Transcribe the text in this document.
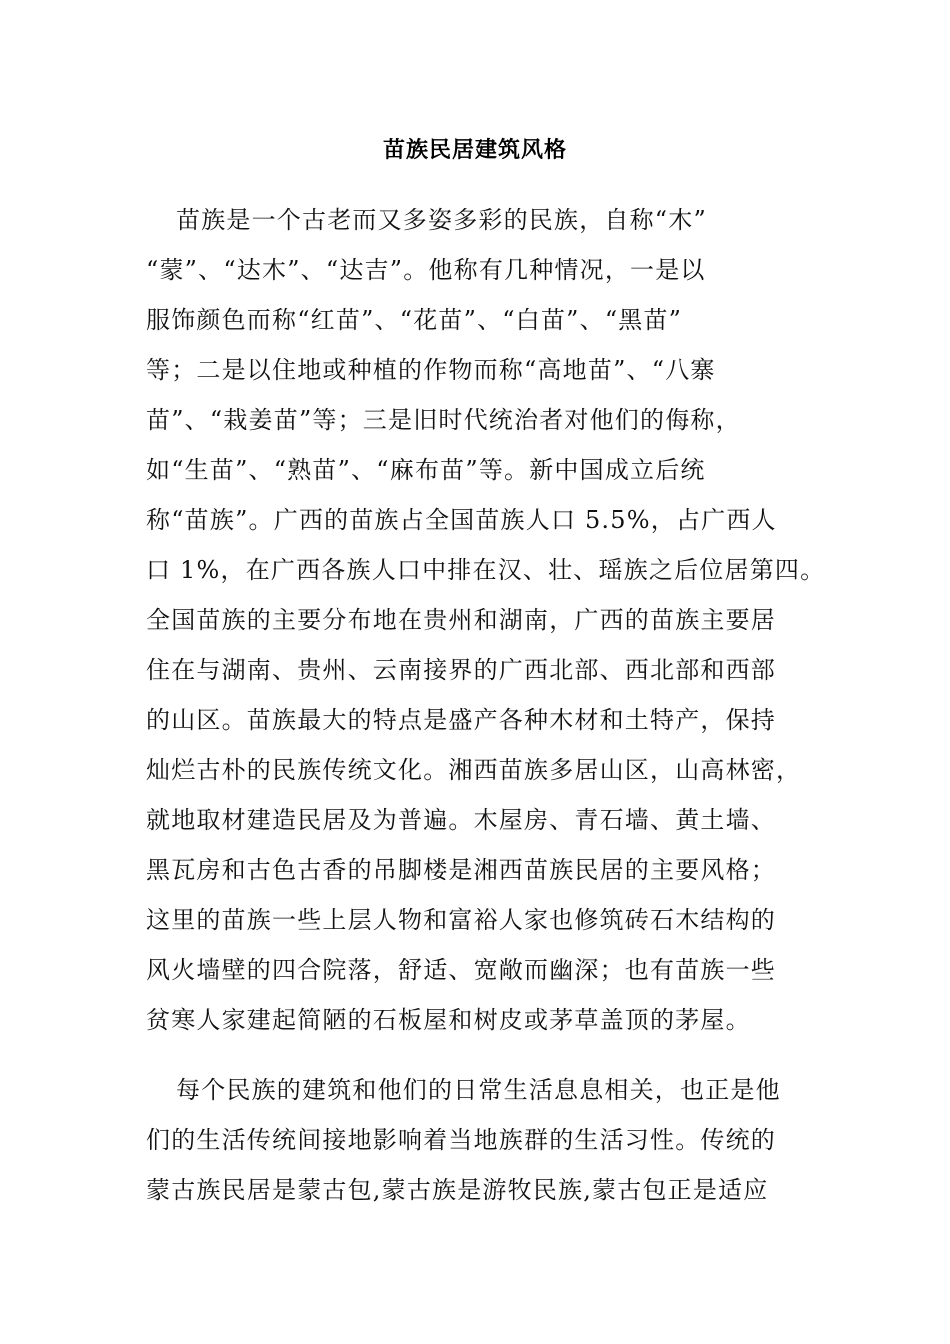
苗族民居建筑风格
苗族是一个古老而又多姿多彩的民族，自称“木”
“蒙”、“达木”、“达吉”。他称有几种情况，一是以
服饰颜色而称“红苗”、“花苗”、“白苗”、“黑苗”
等；二是以住地或种植的作物而称“高地苗”、“八寨
苗”、“栽姜苗”等；三是旧时代统治者对他们的侮称，
如“生苗”、“熟苗”、“麻布苗”等。新中国成立后统
称“苗族”。广西的苗族占全国苗族人口 5.5%，占广西人
口 1%，在广西各族人口中排在汉、壮、瑶族之后位居第四。
全国苗族的主要分布地在贵州和湖南，广西的苗族主要居
住在与湖南、贵州、云南接界的广西北部、西北部和西部
的山区。苗族最大的特点是盛产各种木材和土特产，保持
灿烂古朴的民族传统文化。湘西苗族多居山区，山高林密，
就地取材建造民居及为普遍。木屋房、青石墙、黄土墙、
黑瓦房和古色古香的吊脚楼是湘西苗族民居的主要风格；
这里的苗族一些上层人物和富裕人家也修筑砖石木结构的
风火墙壁的四合院落，舒适、宽敞而幽深；也有苗族一些
贫寒人家建起简陋的石板屋和树皮或茅草盖顶的茅屋。
每个民族的建筑和他们的日常生活息息相关，也正是他
们的生活传统间接地影响着当地族群的生活习性。传统的
蒙古族民居是蒙古包,蒙古族是游牧民族,蒙古包正是适应
